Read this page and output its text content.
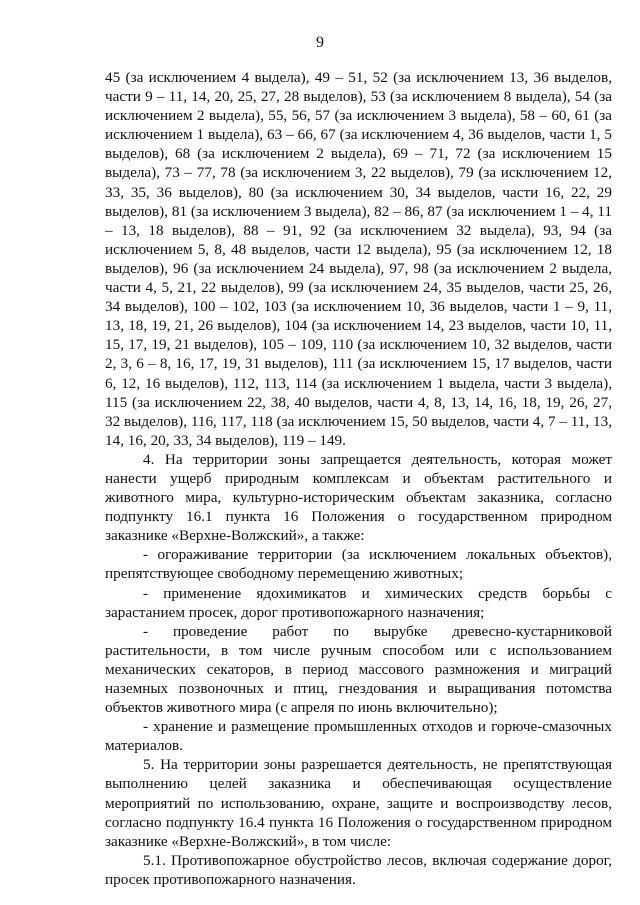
9

45 (за исключением 4 выдела), 49 – 51, 52 (за исключением 13, 36 выделов, части 9 – 11, 14, 20, 25, 27, 28 выделов), 53 (за исключением 8 выдела), 54 (за исключением 2 выдела), 55, 56, 57 (за исключением 3 выдела), 58 – 60, 61 (за исключением 1 выдела), 63 – 66, 67 (за исключением 4, 36 выделов, части 1, 5 выделов), 68 (за исключением 2 выдела), 69 – 71, 72 (за исключением 15 выдела), 73 – 77, 78 (за исключением 3, 22 выделов), 79 (за исключением 12, 33, 35, 36 выделов), 80 (за исключением 30, 34 выделов, части 16, 22, 29 выделов), 81 (за исключением 3 выдела), 82 – 86, 87 (за исключением 1 – 4, 11 – 13, 18 выделов), 88 – 91, 92 (за исключением 32 выдела), 93, 94 (за исключением 5, 8, 48 выделов, части 12 выдела), 95 (за исключением 12, 18 выделов), 96 (за исключением 24 выдела), 97, 98 (за исключением 2 выдела, части 4, 5, 21, 22 выделов), 99 (за исключением 24, 35 выделов, части 25, 26, 34 выделов), 100 – 102, 103 (за исключением 10, 36 выделов, части 1 – 9, 11, 13, 18, 19, 21, 26 выделов), 104 (за исключением 14, 23 выделов, части 10, 11, 15, 17, 19, 21 выделов), 105 – 109, 110 (за исключением 10, 32 выделов, части 2, 3, 6 – 8, 16, 17, 19, 31 выделов), 111 (за исключением 15, 17 выделов, части 6, 12, 16 выделов), 112, 113, 114 (за исключением 1 выдела, части 3 выдела), 115 (за исключением 22, 38, 40 выделов, части 4, 8, 13, 14, 16, 18, 19, 26, 27, 32 выделов), 116, 117, 118 (за исключением 15, 50 выделов, части 4, 7 – 11, 13, 14, 16, 20, 33, 34 выделов), 119 – 149.

4. На территории зоны запрещается деятельность, которая может нанести ущерб природным комплексам и объектам растительного и животного мира, культурно-историческим объектам заказника, согласно подпункту 16.1 пункта 16 Положения о государственном природном заказнике «Верхне-Волжский», а также:

- огораживание территории (за исключением локальных объектов), препятствующее свободному перемещению животных;

- применение ядохимикатов и химических средств борьбы с зарастанием просек, дорог противопожарного назначения;

- проведение работ по вырубке древесно-кустарниковой растительности, в том числе ручным способом или с использованием механических секаторов, в период массового размножения и миграций наземных позвоночных и птиц, гнездования и выращивания потомства объектов животного мира (с апреля по июнь включительно);

- хранение и размещение промышленных отходов и горюче-смазочных материалов.

5. На территории зоны разрешается деятельность, не препятствующая выполнению целей заказника и обеспечивающая осуществление мероприятий по использованию, охране, защите и воспроизводству лесов, согласно подпункту 16.4 пункта 16 Положения о государственном природном заказнике «Верхне-Волжский», в том числе:

5.1. Противопожарное обустройство лесов, включая содержание дорог, просек противопожарного назначения.
